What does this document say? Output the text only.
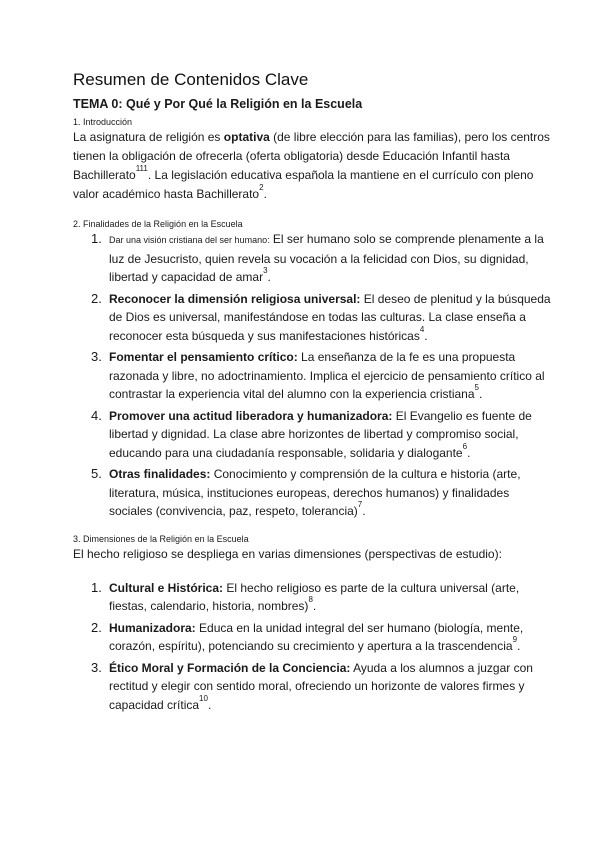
Resumen de Contenidos Clave
TEMA 0: Qué y Por Qué la Religión en la Escuela
1. Introducción

La asignatura de religión es optativa (de libre elección para las familias), pero los centros tienen la obligación de ofrecerla (oferta obligatoria) desde Educación Infantil hasta Bachillerato$^{111}$. La legislación educativa española la mantiene en el currículo con pleno valor académico hasta Bachillerato$^2$.

2. Finalidades de la Religión en la Escuela
1. Dar una visión cristiana del ser humano: El ser humano solo se comprende plenamente a la luz de Jesucristo, quien revela su vocación a la felicidad con Dios, su dignidad, libertad y capacidad de amar$^3$.
2. Reconocer la dimensión religiosa universal: El deseo de plenitud y la búsqueda de Dios es universal, manifestándose en todas las culturas. La clase enseña a reconocer esta búsqueda y sus manifestaciones históricas$^4$.
3. Fomentar el pensamiento crítico: La enseñanza de la fe es una propuesta razonada y libre, no adoctrinamiento. Implica el ejercicio de pensamiento crítico al contrastar la experiencia vital del alumno con la experiencia cristiana$^5$.
4. Promover una actitud liberadora y humanizadora: El Evangelio es fuente de libertad y dignidad. La clase abre horizontes de libertad y compromiso social, educando para una ciudadanía responsable, solidaria y dialogante$^6$.
5. Otras finalidades: Conocimiento y comprensión de la cultura e historia (arte, literatura, música, instituciones europeas, derechos humanos) y finalidades sociales (convivencia, paz, respeto, tolerancia)$^7$.
3. Dimensiones de la Religión en la Escuela

El hecho religioso se despliega en varias dimensiones (perspectivas de estudio):

1. Cultural e Histórica: El hecho religioso es parte de la cultura universal (arte, fiestas, calendario, historia, nombres)$^8$.
2. Humanizadora: Educa en la unidad integral del ser humano (biología, mente, corazón, espíritu), potenciando su crecimiento y apertura a la trascendencia$^9$.
3. Ético Moral y Formación de la Conciencia: Ayuda a los alumnos a juzgar con rectitud y elegir con sentido moral, ofreciendo un horizonte de valores firmes y capacidad crítica$^{10}$.
